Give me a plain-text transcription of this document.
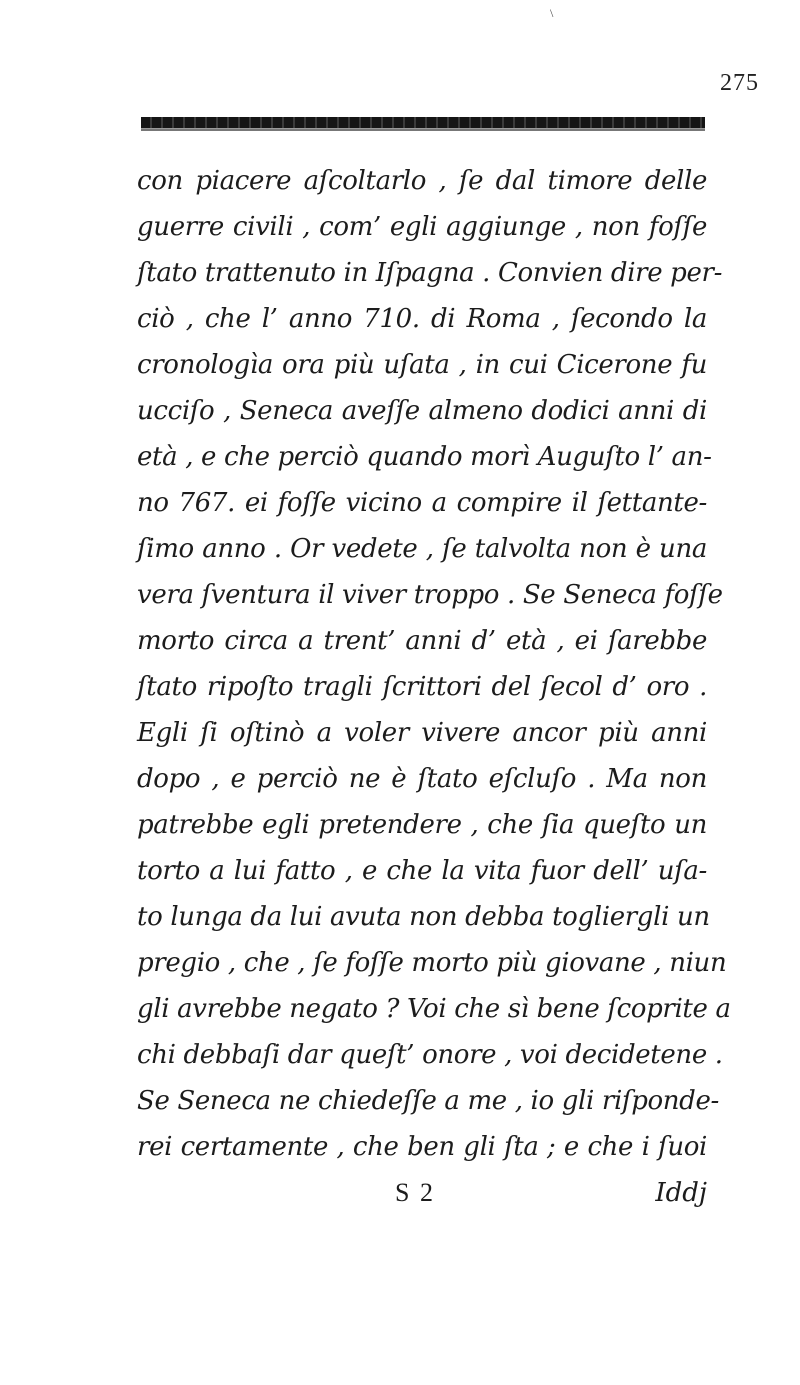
\
275
con piacere aſcoltarlo , ſe dal timore delle
guerre civili , com’ egli aggiunge , non foſſe
ſtato trattenuto in Iſpagna . Convien dire per-
ciò , che l’ anno 710. di Roma , ſecondo la
cronologìa ora più uſata , in cui Cicerone fu
ucciſo , Seneca aveſſe almeno dodici anni di
età , e che perciò quando morì Auguſto l’ an-
no 767. ei foſſe vicino a compire il ſettante-
ſimo anno . Or vedete , ſe talvolta non è una
vera ſventura il viver troppo . Se Seneca foſſe
morto circa a trent’ anni d’ età , ei ſarebbe
ſtato ripoſto tragli ſcrittori del ſecol d’ oro .
Egli ſi oſtinò a voler vivere ancor più anni
dopo , e perciò ne è ſtato eſcluſo . Ma non
patrebbe egli pretendere , che ſia queſto un
torto a lui fatto , e che la vita fuor dell’ uſa-
to lunga da lui avuta non debba togliergli un
pregio , che , ſe foſſe morto più giovane , niun
gli avrebbe negato ? Voi che sì bene ſcoprite a
chi debbaſi dar queſt’ onore , voi decidetene .
Se Seneca ne chiedeſſe a me , io gli riſponde-
rei certamente , che ben gli ſta ; e che i ſuoi
S 2	Iddj
